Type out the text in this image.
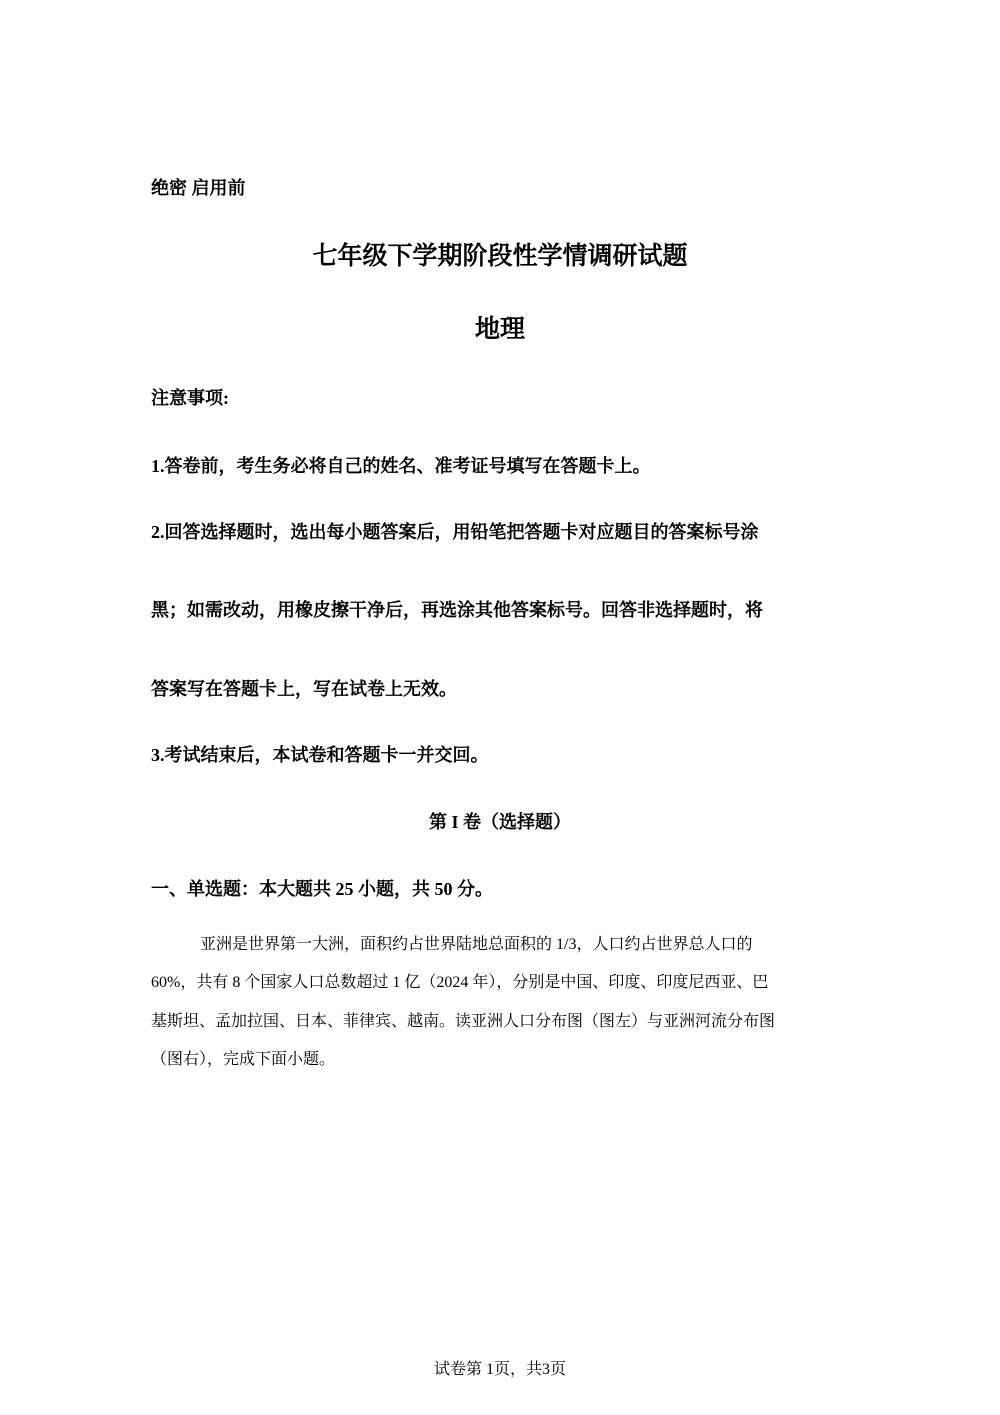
绝密 启用前
七年级下学期阶段性学情调研试题
地理
注意事项:
1.答卷前，考生务必将自己的姓名、准考证号填写在答题卡上。
2.回答选择题时，选出每小题答案后，用铅笔把答题卡对应题目的答案标号涂
黑；如需改动，用橡皮擦干净后，再选涂其他答案标号。回答非选择题时，将
答案写在答题卡上，写在试卷上无效。
3.考试结束后，本试卷和答题卡一并交回。
第 I 卷（选择题）
一、单选题：本大题共 25 小题，共 50 分。
亚洲是世界第一大洲，面积约占世界陆地总面积的 1/3，人口约占世界总人口的
60%，共有 8 个国家人口总数超过 1 亿（2024 年），分别是中国、印度、印度尼西亚、巴
基斯坦、孟加拉国、日本、菲律宾、越南。读亚洲人口分布图（图左）与亚洲河流分布图
（图右），完成下面小题。
试卷第 1页，共3页
